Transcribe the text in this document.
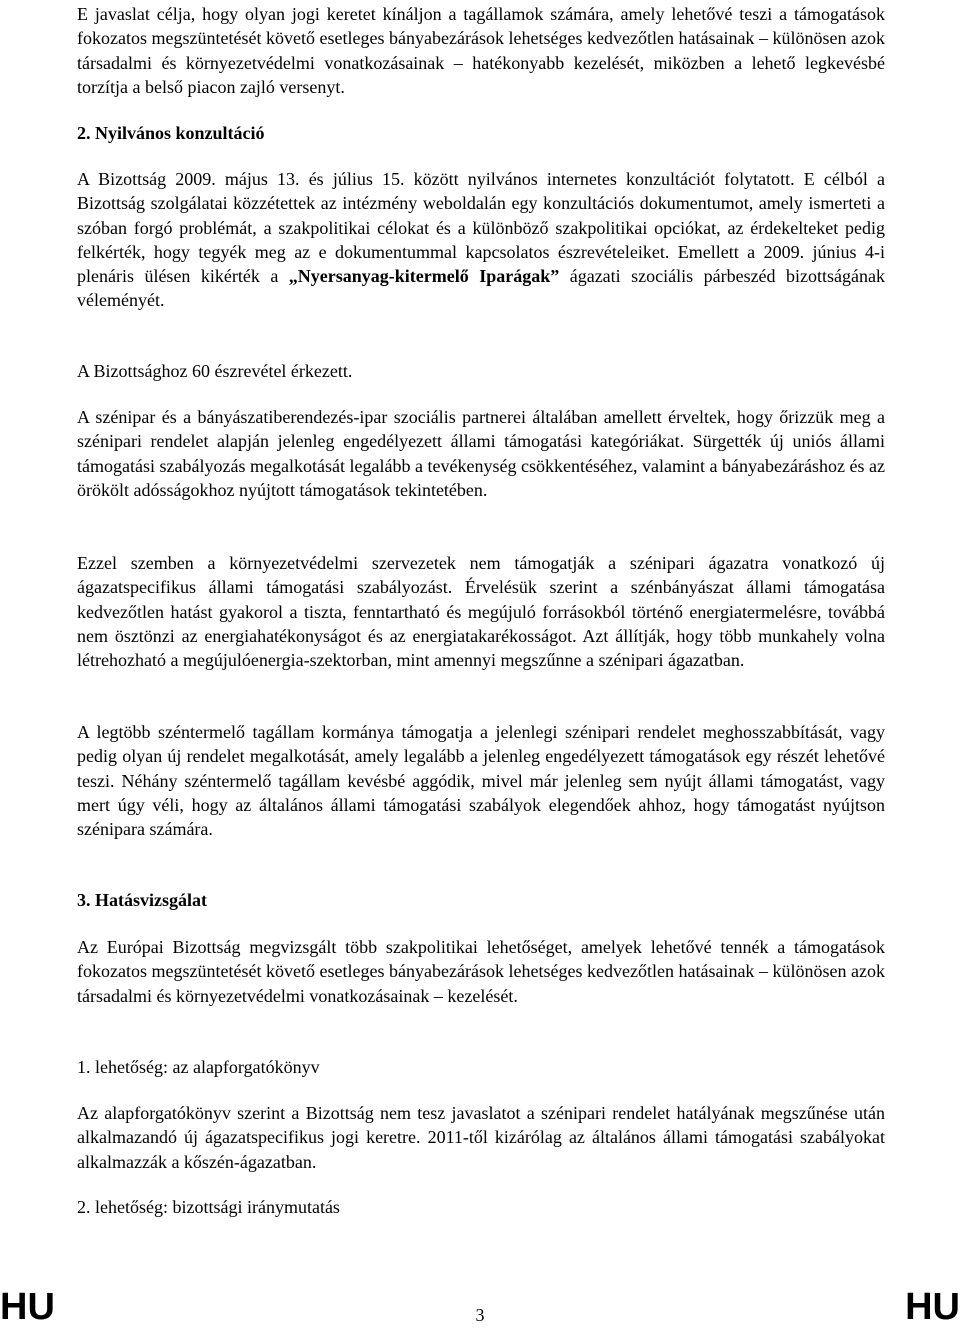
E javaslat célja, hogy olyan jogi keretet kínáljon a tagállamok számára, amely lehetővé teszi a támogatások fokozatos megszüntetését követő esetleges bányabezárások lehetséges kedvezőtlen hatásainak – különösen azok társadalmi és környezetvédelmi vonatkozásainak – hatékonyabb kezelését, miközben a lehető legkevésbé torzítja a belső piacon zajló versenyt.

2. Nyilvános konzultáció

A Bizottság 2009. május 13. és július 15. között nyilvános internetes konzultációt folytatott. E célból a Bizottság szolgálatai közzétettek az intézmény weboldalán egy konzultációs dokumentumot, amely ismerteti a szóban forgó problémát, a szakpolitikai célokat és a különböző szakpolitikai opciókat, az érdekelteket pedig felkérték, hogy tegyék meg az e dokumentummal kapcsolatos észrevételeiket. Emellett a 2009. június 4-i plenáris ülésen kikérték a „Nyersanyag-kitermelő Iparágak” ágazati szociális párbeszéd bizottságának véleményét.

A Bizottsághoz 60 észrevétel érkezett.

HU	3	HU

A szénipar és a bányászatiberendezés-ipar szociális partnerei általában amellett érveltek, hogy őrizzük meg a szénipari rendelet alapján jelenleg engedélyezett állami támogatási kategóriákat. Sürgették új uniós állami támogatási szabályozás megalkotását legalább a tevékenység csökkentéséhez, valamint a bányabezáráshoz és az örökölt adósságokhoz nyújtott támogatások tekintetében.

Ezzel szemben a környezetvédelmi szervezetek nem támogatják a szénipari ágazatra vonatkozó új ágazatspecifikus állami támogatási szabályozást. Érvelésük szerint a szénbányászat állami támogatása kedvezőtlen hatást gyakorol a tiszta, fenntartható és megújuló forrásokból történő energiatermelésre, továbbá nem ösztönzi az energiahatékonyságot és az energiatakarékosságot. Azt állítják, hogy több munkahely volna létrehozható a megújulóenergia-szektorban, mint amennyi megszűnne a szénipari ágazatban.

A legtöbb széntermelő tagállam kormánya támogatja a jelenlegi szénipari rendelet meghosszabbítását, vagy pedig olyan új rendelet megalkotását, amely legalább a jelenleg engedélyezett támogatások egy részét lehetővé teszi. Néhány széntermelő tagállam kevésbé aggódik, mivel már jelenleg sem nyújt állami támogatást, vagy mert úgy véli, hogy az általános állami támogatási szabályok elegendőek ahhoz, hogy támogatást nyújtson szénipara számára.

3. Hatásvizsgálat

Az Európai Bizottság megvizsgált több szakpolitikai lehetőséget, amelyek lehetővé tennék a támogatások fokozatos megszüntetését követő esetleges bányabezárások lehetséges kedvezőtlen hatásainak – különösen azok társadalmi és környezetvédelmi vonatkozásainak – kezelését.

1. lehetőség: az alapforgatókönyv

Az alapforgatókönyv szerint a Bizottság nem tesz javaslatot a szénipari rendelet hatályának megszűnése után alkalmazandó új ágazatspecifikus jogi keretre. 2011-től kizárólag az általános állami támogatási szabályokat alkalmazzák a kőszén-ágazatban.

2. lehetőség: bizottsági iránymutatás
